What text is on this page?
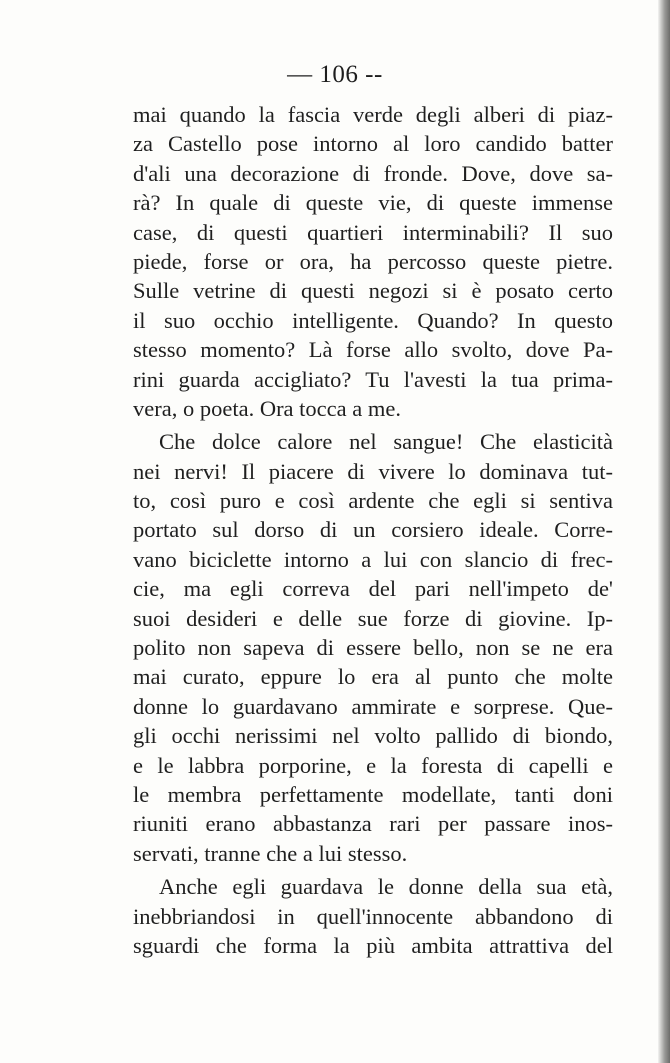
— 106 --
mai quando la fascia verde degli alberi di piaz-
za Castello pose intorno al loro candido batter
d'ali una decorazione di fronde. Dove, dove sa-
rà? In quale di queste vie, di queste immense
case, di questi quartieri interminabili? Il suo
piede, forse or ora, ha percosso queste pietre.
Sulle vetrine di questi negozi si è posato certo
il suo occhio intelligente. Quando? In questo
stesso momento? Là forse allo svolto, dove Pa-
rini guarda accigliato? Tu l'avesti la tua prima-
vera, o poeta. Ora tocca a me.
Che dolce calore nel sangue! Che elasticità
nei nervi! Il piacere di vivere lo dominava tut-
to, così puro e così ardente che egli si sentiva
portato sul dorso di un corsiero ideale. Corre-
vano biciclette intorno a lui con slancio di frec-
cie, ma egli correva del pari nell'impeto de'
suoi desideri e delle sue forze di giovine. Ip-
polito non sapeva di essere bello, non se ne era
mai curato, eppure lo era al punto che molte
donne lo guardavano ammirate e sorprese. Que-
gli occhi nerissimi nel volto pallido di biondo,
e le labbra porporine, e la foresta di capelli e
le membra perfettamente modellate, tanti doni
riuniti erano abbastanza rari per passare inos-
servati, tranne che a lui stesso.
Anche egli guardava le donne della sua età,
inebbriandosi in quell'innocente abbandono di
sguardi che forma la più ambita attrattiva del
